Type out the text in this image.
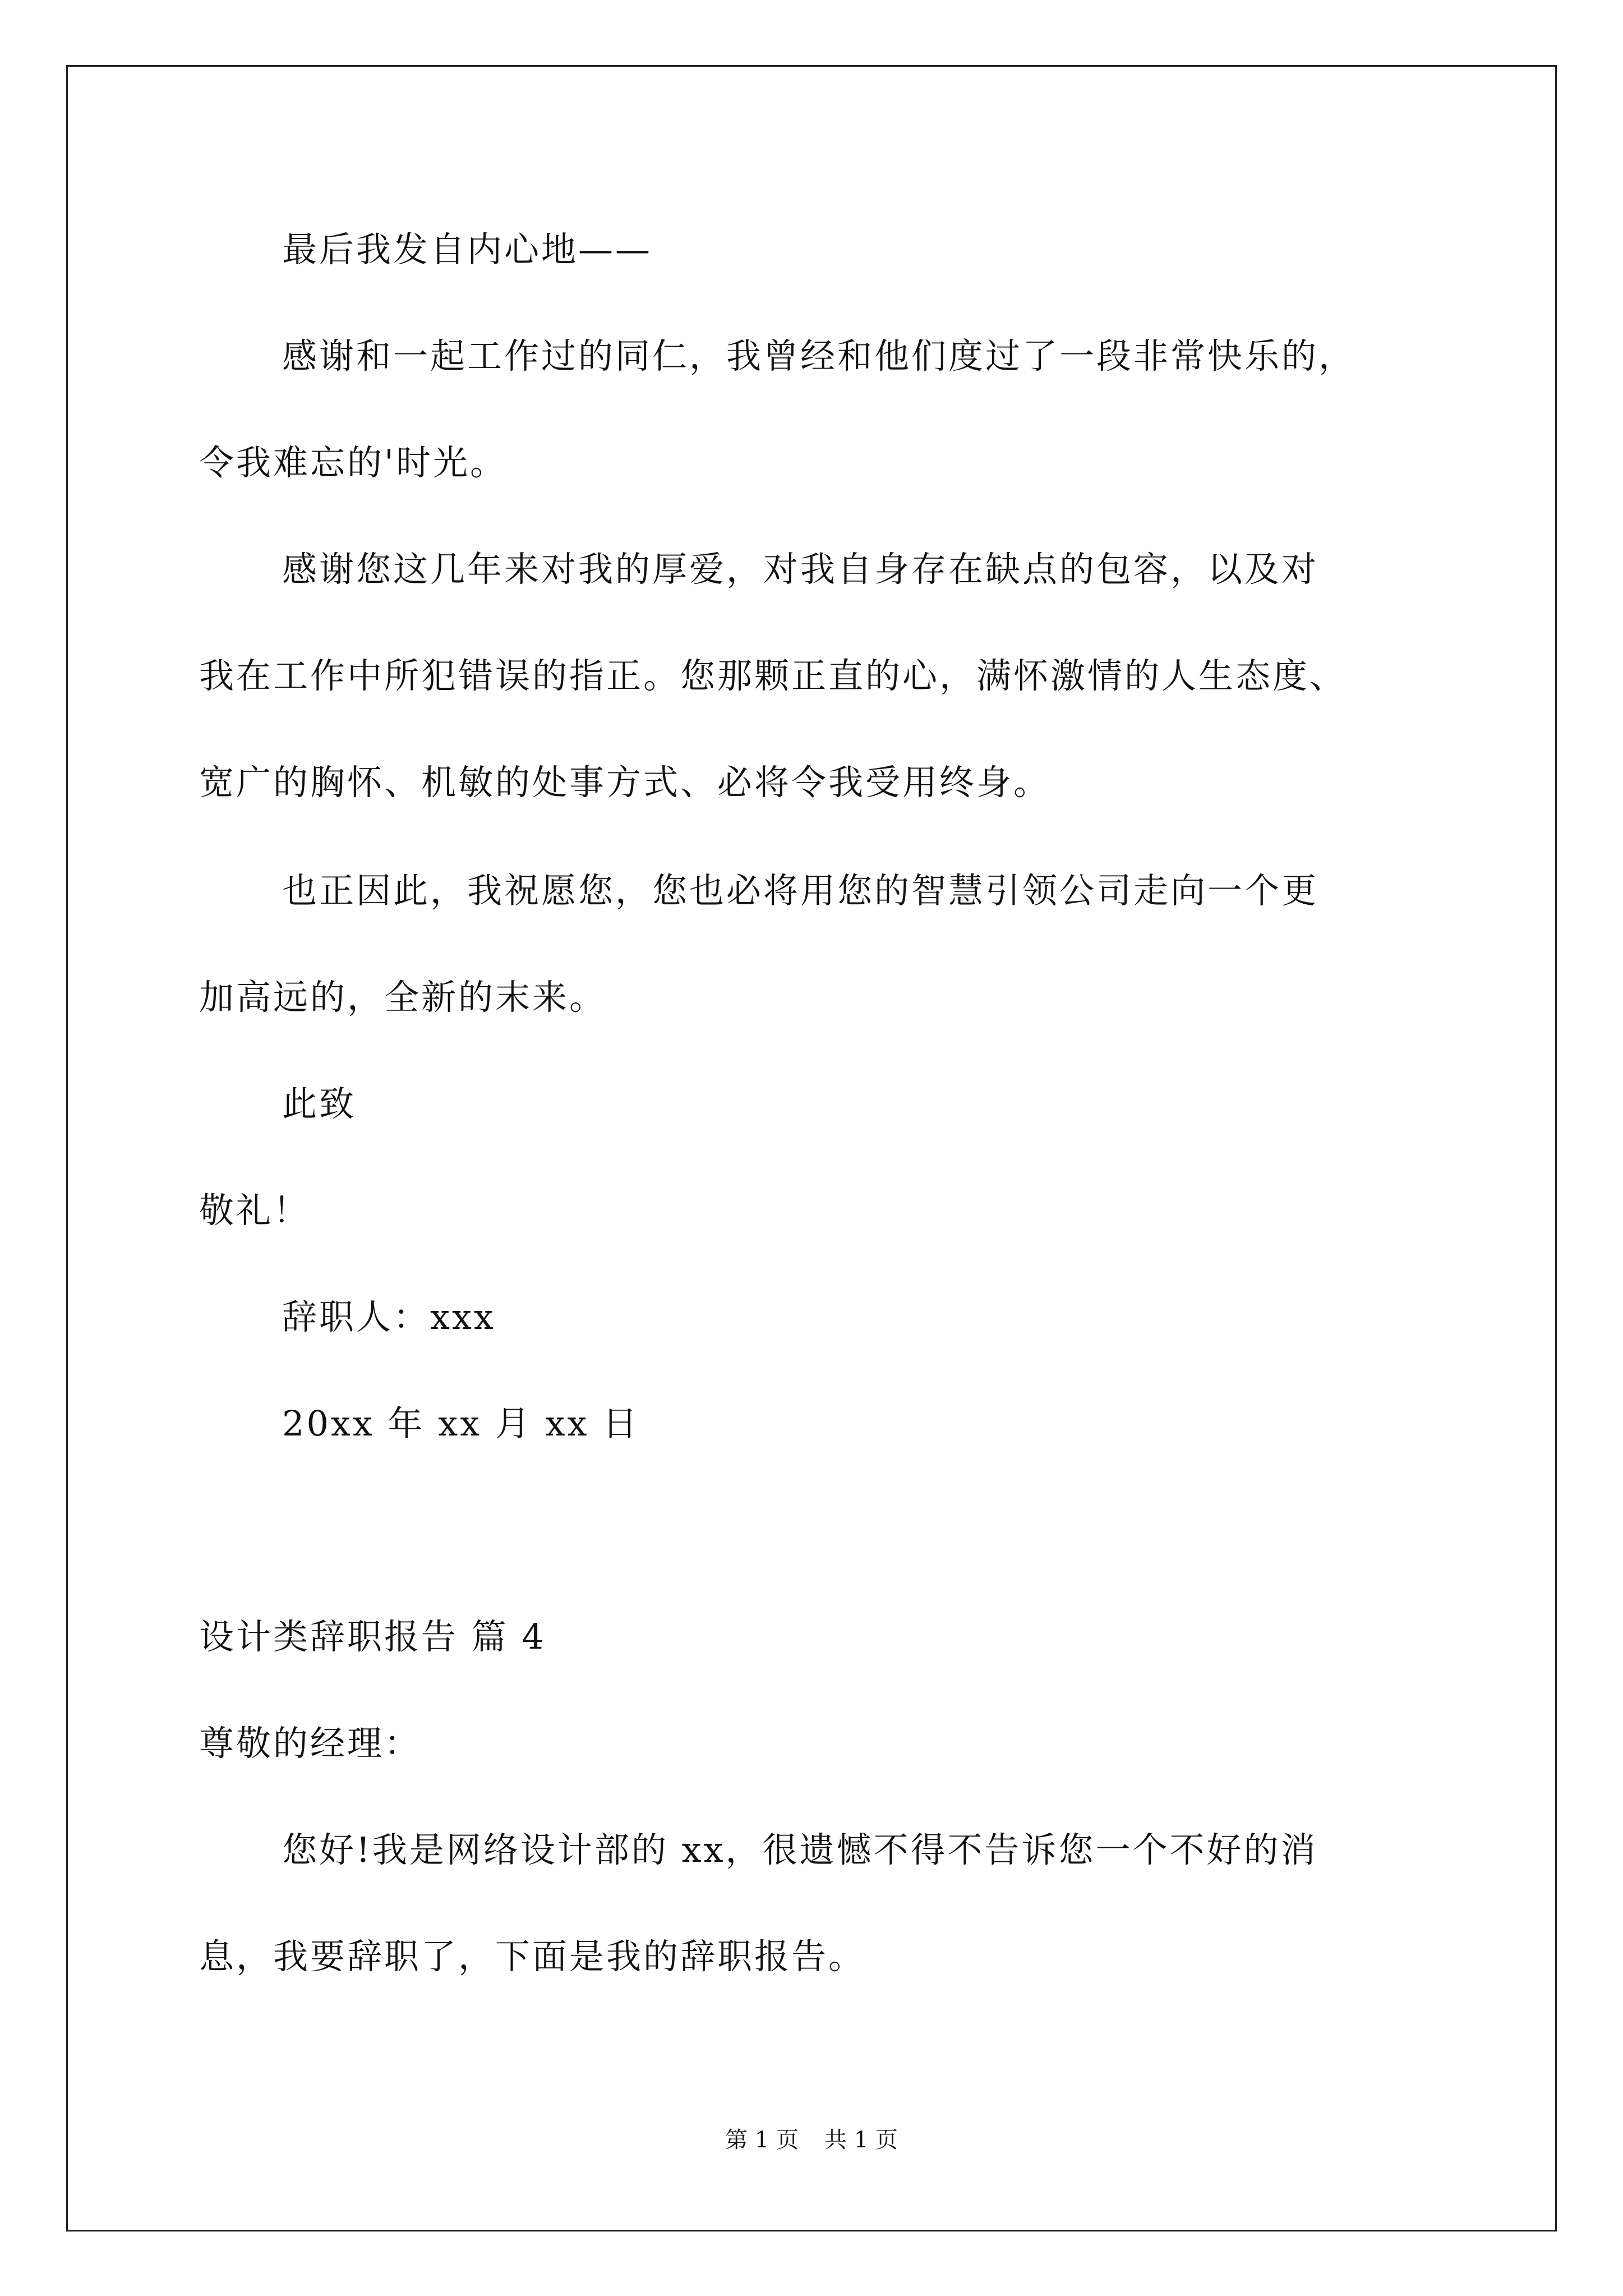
最后我发自内心地——
感谢和一起工作过的同仁，我曾经和他们度过了一段非常快乐的，
令我难忘的'时光。
感谢您这几年来对我的厚爱，对我自身存在缺点的包容，以及对
我在工作中所犯错误的指正。您那颗正直的心，满怀激情的人生态度、
宽广的胸怀、机敏的处事方式、必将令我受用终身。
也正因此，我祝愿您，您也必将用您的智慧引领公司走向一个更
加高远的，全新的末来。
此致
敬礼！
辞职人：xxx
20xx 年 xx 月 xx 日
设计类辞职报告 篇 4
尊敬的经理：
您好!我是网络设计部的 xx，很遗憾不得不告诉您一个不好的消
息，我要辞职了，下面是我的辞职报告。
第 1 页 共 1 页
